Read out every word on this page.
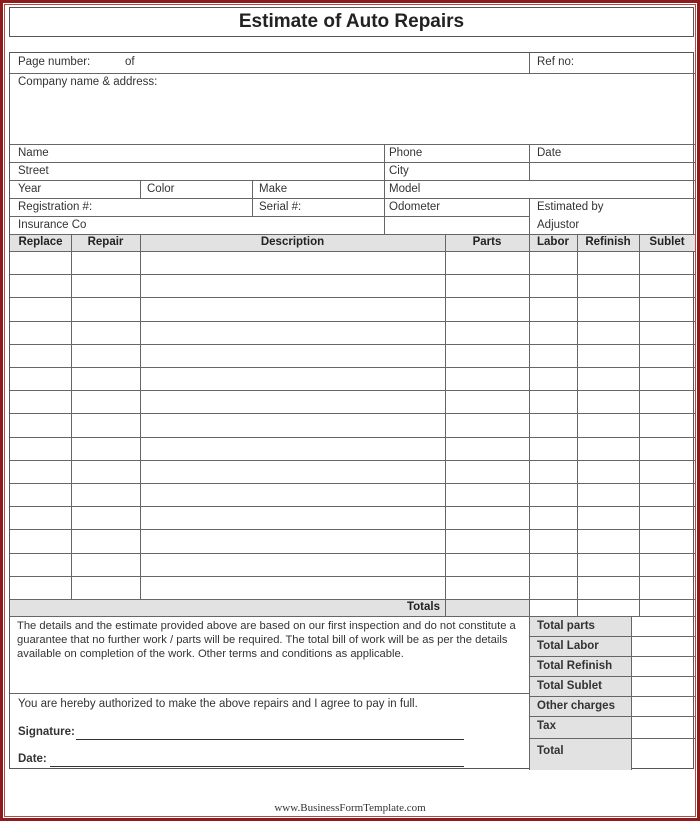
Estimate of Auto Repairs
Page number:	of	Ref no:
Company name & address:
Name	Phone	Date
Street	City
Year	Color	Make	Model
Registration #:	Serial #:	Odometer	Estimated by
Insurance Co	Adjustor
Replace	Repair	Description	Parts	Labor	Refinish	Sublet
Totals
The details and the estimate provided above are based on our first inspection and do not constitute a guarantee that no further work / parts will be required. The total bill of work will be as per the details available on completion of the work. Other terms and conditions as applicable.
Total parts
Total Labor
Total Refinish
Total Sublet
Other charges
Tax
Total
You are hereby authorized to make the above repairs and I agree to pay in full.
Signature:
Date:
www.BusinessFormTemplate.com
